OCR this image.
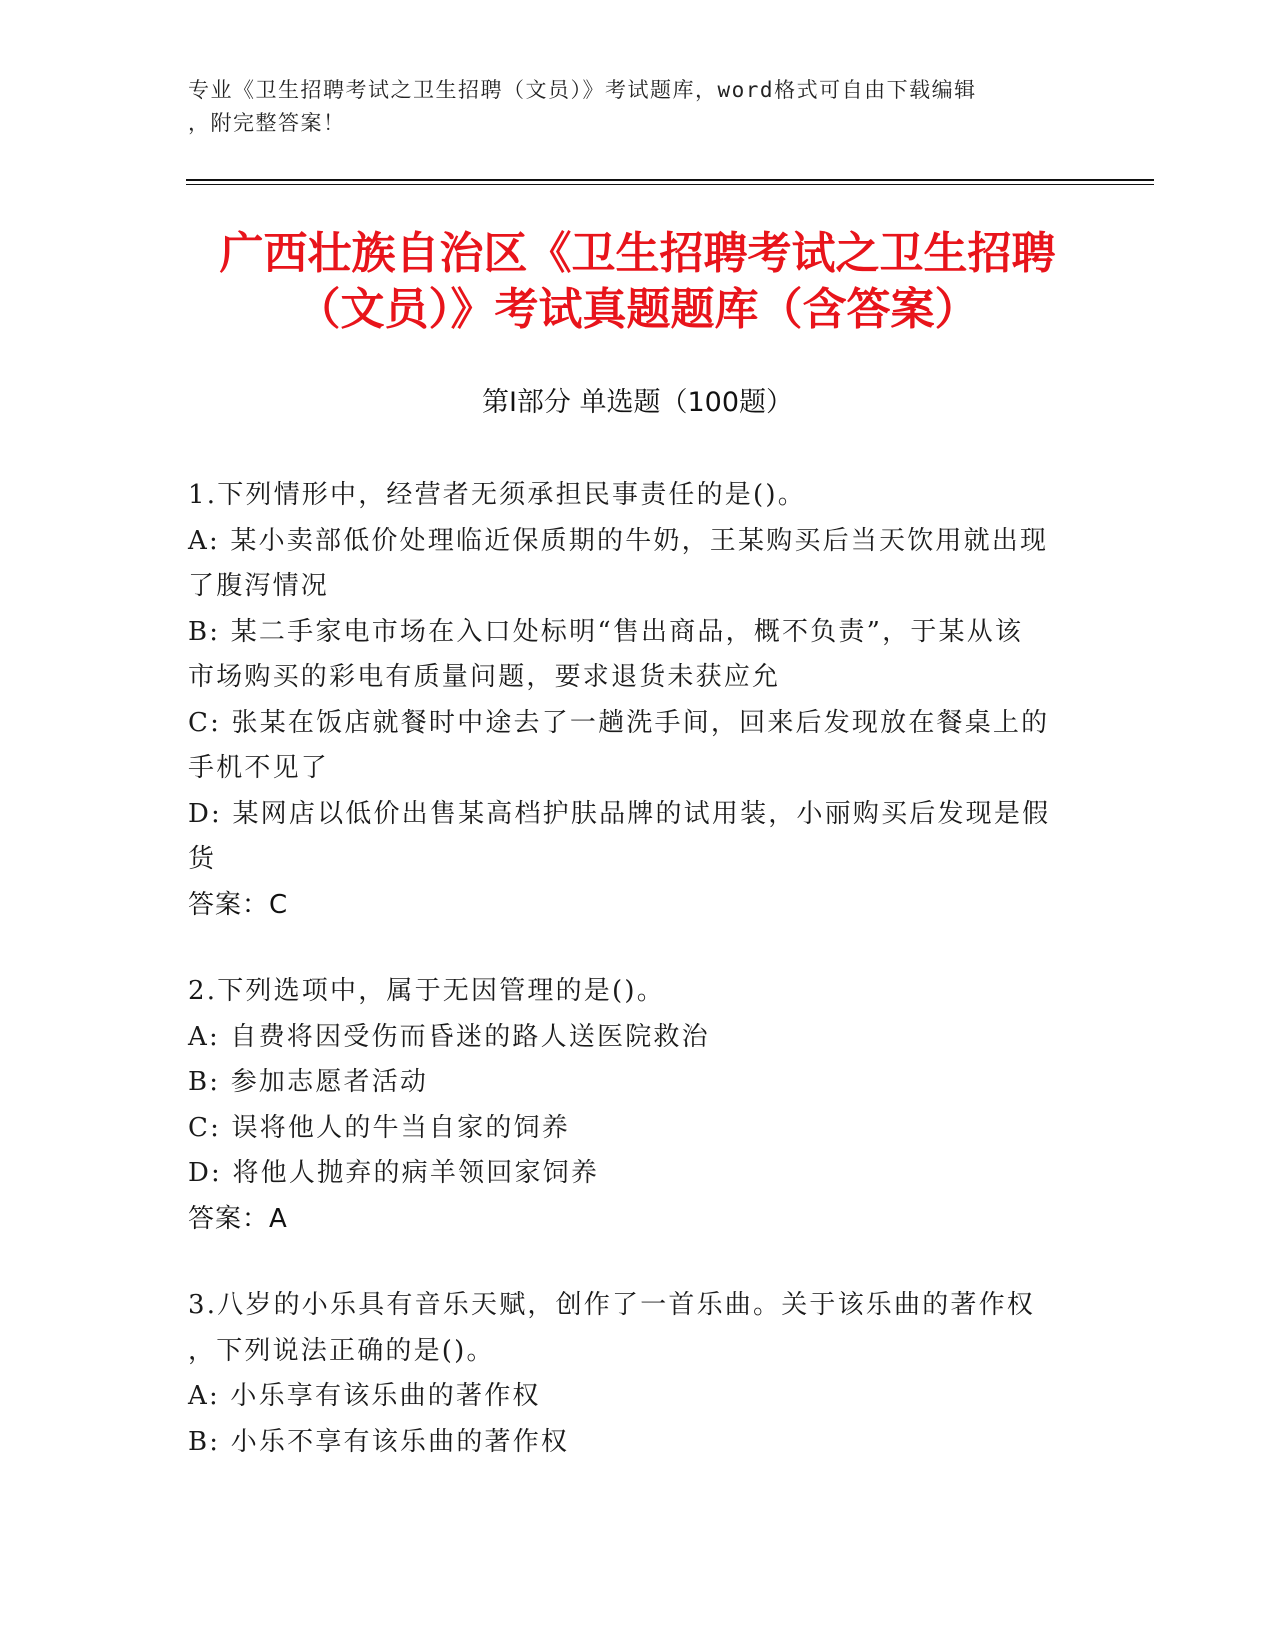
专业《卫生招聘考试之卫生招聘（文员）》考试题库，word格式可自由下载编辑
，附完整答案！
广西壮族自治区《卫生招聘考试之卫生招聘
（文员）》考试真题题库（含答案）
第Ⅰ部分 单选题（100题）
1.下列情形中，经营者无须承担民事责任的是()。
A: 某小卖部低价处理临近保质期的牛奶，王某购买后当天饮用就出现
了腹泻情况
B: 某二手家电市场在入口处标明“售出商品，概不负责”，于某从该
市场购买的彩电有质量问题，要求退货未获应允
C: 张某在饭店就餐时中途去了一趟洗手间，回来后发现放在餐桌上的
手机不见了
D: 某网店以低价出售某高档护肤品牌的试用装，小丽购买后发现是假
货
答案：C
2.下列选项中，属于无因管理的是()。
A: 自费将因受伤而昏迷的路人送医院救治
B: 参加志愿者活动
C: 误将他人的牛当自家的饲养
D: 将他人抛弃的病羊领回家饲养
答案：A
3.八岁的小乐具有音乐天赋，创作了一首乐曲。关于该乐曲的著作权
，下列说法正确的是()。
A: 小乐享有该乐曲的著作权
B: 小乐不享有该乐曲的著作权
